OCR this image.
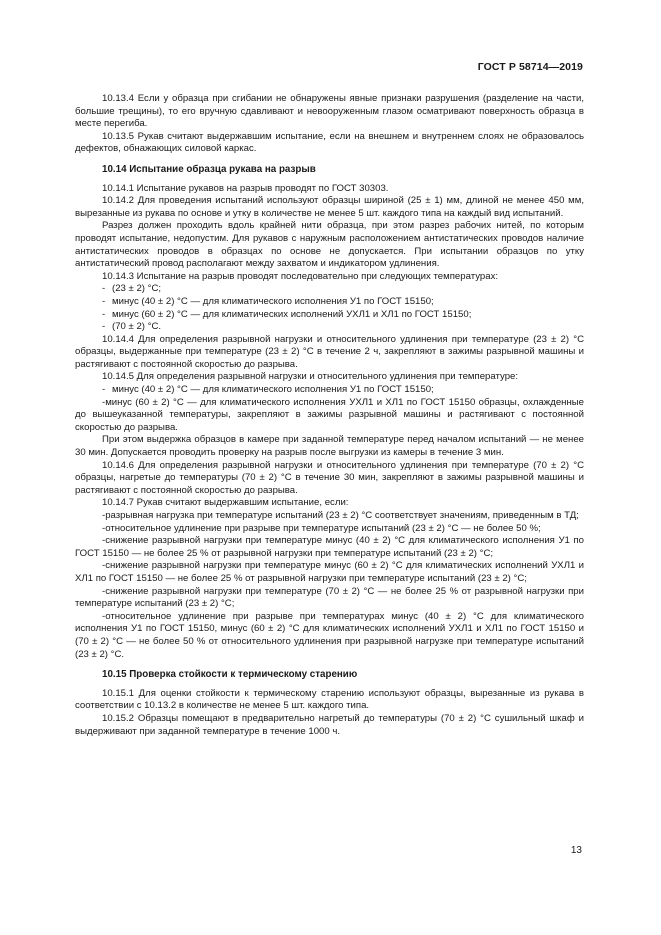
ГОСТ Р 58714—2019

10.13.4 Если у образца при сгибании не обнаружены явные признаки разрушения (разделение на части, большие трещины), то его вручную сдавливают и невооруженным глазом осматривают поверхность образца в месте перегиба.

10.13.5 Рукав считают выдержавшим испытание, если на внешнем и внутреннем слоях не образовалось дефектов, обнажающих силовой каркас.

10.14 Испытание образца рукава на разрыв

10.14.1 Испытание рукавов на разрыв проводят по ГОСТ 30303.

10.14.2 Для проведения испытаний используют образцы шириной (25 ± 1) мм, длиной не менее 450 мм, вырезанные из рукава по основе и утку в количестве не менее 5 шт. каждого типа на каждый вид испытаний.

Разрез должен проходить вдоль крайней нити образца, при этом разрез рабочих нитей, по которым проводят испытание, недопустим. Для рукавов с наружным расположением антистатических проводов наличие антистатических проводов в образцах по основе не допускается. При испытании образцов по утку антистатический провод располагают между захватом и индикатором удлинения.

10.14.3 Испытание на разрыв проводят последовательно при следующих температурах:

- (23 ± 2) °С;

- минус (40 ± 2) °С — для климатического исполнения У1 по ГОСТ 15150;

- минус (60 ± 2) °С — для климатических исполнений УХЛ1 и ХЛ1 по ГОСТ 15150;

- (70 ± 2) °С.

10.14.4 Для определения разрывной нагрузки и относительного удлинения при температуре (23 ± 2) °С образцы, выдержанные при температуре (23 ± 2) °С в течение 2 ч, закрепляют в зажимы разрывной машины и растягивают с постоянной скоростью до разрыва.

10.14.5 Для определения разрывной нагрузки и относительного удлинения при температуре:

- минус (40 ± 2) °С — для климатического исполнения У1 по ГОСТ 15150;

-минус (60 ± 2) °С — для климатического исполнения УХЛ1 и ХЛ1 по ГОСТ 15150 образцы, охлажденные до вышеуказанной температуры, закрепляют в зажимы разрывной машины и растягивают с постоянной скоростью до разрыва.

При этом выдержка образцов в камере при заданной температуре перед началом испытаний — не менее 30 мин. Допускается проводить проверку на разрыв после выгрузки из камеры в течение 3 мин.

10.14.6 Для определения разрывной нагрузки и относительного удлинения при температуре (70 ± 2) °С образцы, нагретые до температуры (70 ± 2) °С в течение 30 мин, закрепляют в зажимы разрывной машины и растягивают с постоянной скоростью до разрыва.

10.14.7 Рукав считают выдержавшим испытание, если:

-разрывная нагрузка при температуре испытаний (23 ± 2) °С соответствует значениям, приведенным в ТД;

-относительное удлинение при разрыве при температуре испытаний (23 ± 2) °С — не более 50 %;

-снижение разрывной нагрузки при температуре минус (40 ± 2) °С для климатического исполнения У1 по ГОСТ 15150 — не более 25 % от разрывной нагрузки при температуре испытаний (23 ± 2) °С;

-снижение разрывной нагрузки при температуре минус (60 ± 2) °С для климатических исполнений УХЛ1 и ХЛ1 по ГОСТ 15150 — не более 25 % от разрывной нагрузки при температуре испытаний (23 ± 2) °С;

-снижение разрывной нагрузки при температуре (70 ± 2) °С — не более 25 % от разрывной нагрузки при температуре испытаний (23 ± 2) °С;

-относительное удлинение при разрыве при температурах минус (40 ± 2) °С для климатического исполнения У1 по ГОСТ 15150, минус (60 ± 2) °С для климатических исполнений УХЛ1 и ХЛ1 по ГОСТ 15150 и (70 ± 2) °С — не более 50 % от относительного удлинения при разрывной нагрузке при температуре испытаний (23 ± 2) °С.

10.15 Проверка стойкости к термическому старению

10.15.1 Для оценки стойкости к термическому старению используют образцы, вырезанные из рукава в соответствии с 10.13.2 в количестве не менее 5 шт. каждого типа.

10.15.2 Образцы помещают в предварительно нагретый до температуры (70 ± 2) °С сушильный шкаф и выдерживают при заданной температуре в течение 1000 ч.

13
